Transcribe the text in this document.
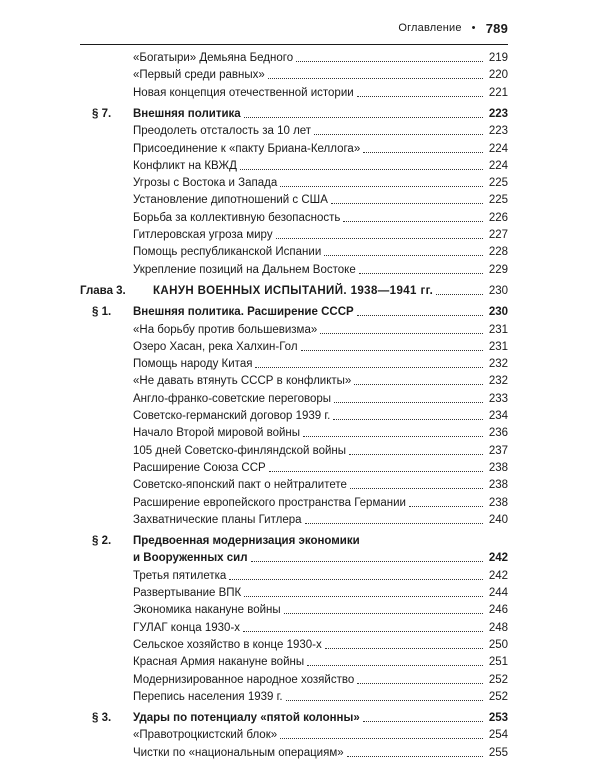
Оглавление • 789
«Богатыри» Демьяна Бедного	219
«Первый среди равных»	220
Новая концепция отечественной истории	221
§ 7. Внешняя политика	223
Преодолеть отсталость за 10 лет	223
Присоединение к «пакту Бриана-Келлога»	224
Конфликт на КВЖД	224
Угрозы с Востока и Запада	225
Установление дипотношений с США	225
Борьба за коллективную безопасность	226
Гитлеровская угроза миру	227
Помощь республиканской Испании	228
Укрепление позиций на Дальнем Востоке	229
Глава 3. КАНУН ВОЕННЫХ ИСПЫТАНИЙ. 1938—1941 гг.	230
§ 1. Внешняя политика. Расширение СССР	230
«На борьбу против большевизма»	231
Озеро Хасан, река Халхин-Гол	231
Помощь народу Китая	232
«Не давать втянуть СССР в конфликты»	232
Англо-франко-советские переговоры	233
Советско-германский договор 1939 г.	234
Начало Второй мировой войны	236
105 дней Советско-финляндской войны	237
Расширение Союза ССР	238
Советско-японский пакт о нейтралитете	238
Расширение европейского пространства Германии	238
Захватнические планы Гитлера	240
§ 2. Предвоенная модернизация экономики
и Вооруженных сил	242
Третья пятилетка	242
Развертывание ВПК	244
Экономика накануне войны	246
ГУЛАГ конца 1930-х	248
Сельское хозяйство в конце 1930-х	250
Красная Армия накануне войны	251
Модернизированное народное хозяйство	252
Перепись населения 1939 г.	252
§ 3. Удары по потенциалу «пятой колонны»	253
«Правотроцкистский блок»	254
Чистки по «национальным операциям»	255
